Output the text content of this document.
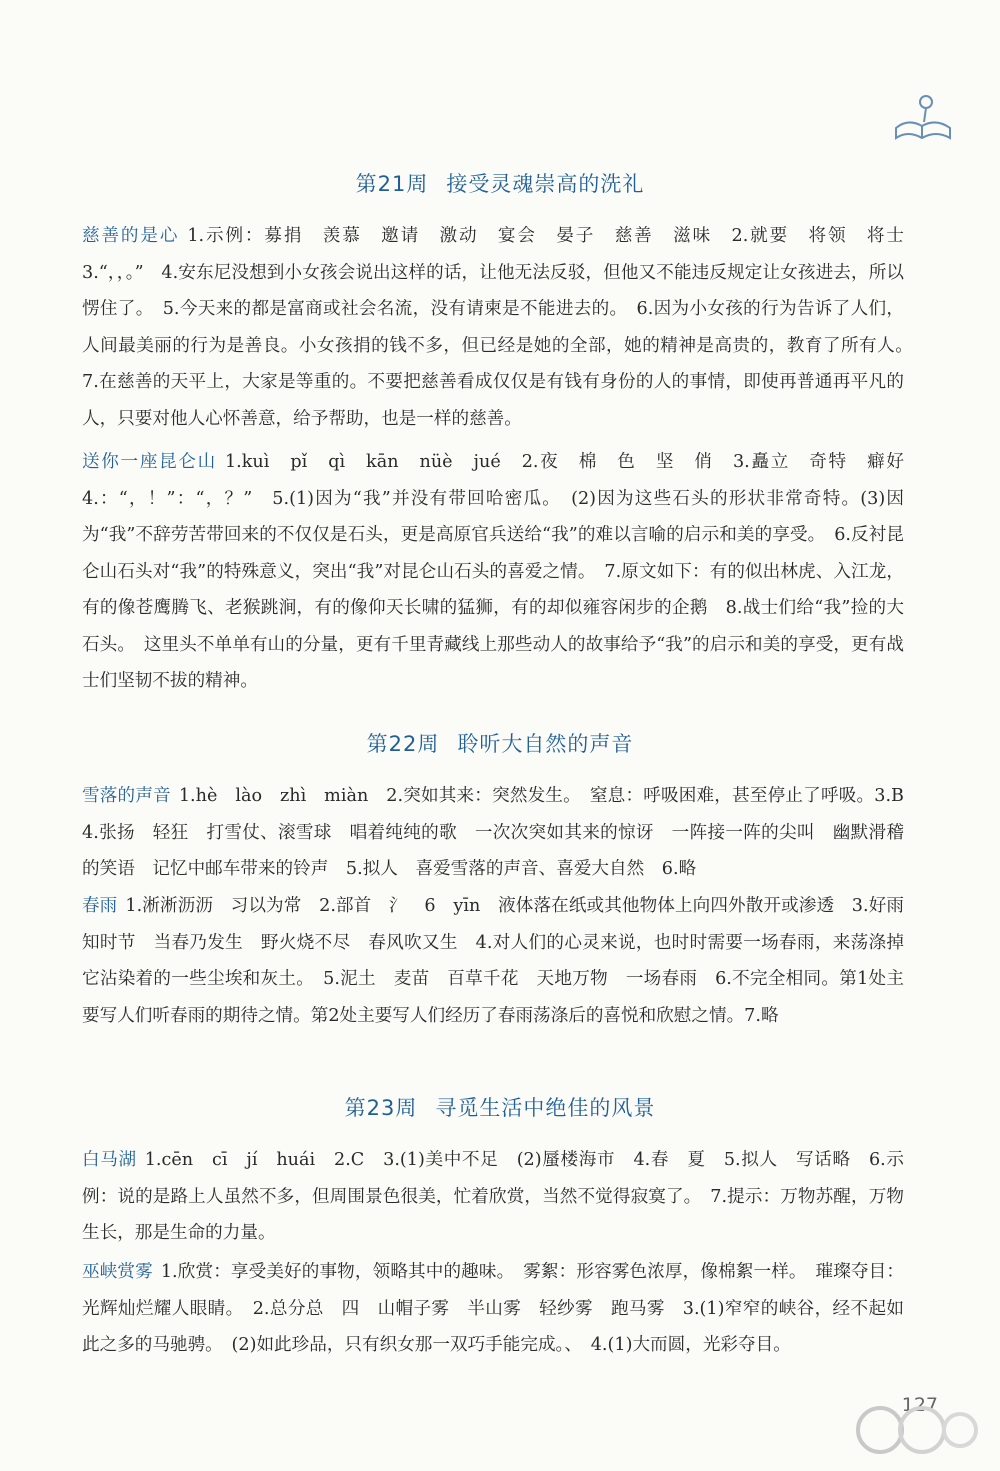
第21周 接受灵魂崇高的洗礼
慈善的是心 1.示例：募捐　羡慕　邀请　激动　宴会　晏子　慈善　滋味　2.就要　将领　将士　3.“，，。”　4.安东尼没想到小女孩会说出这样的话，让他无法反驳，但他又不能违反规定让女孩进去，所以愣住了。　5.今天来的都是富商或社会名流，没有请柬是不能进去的。　6.因为小女孩的行为告诉了人们，人间最美丽的行为是善良。小女孩捐的钱不多，但已经是她的全部，她的精神是高贵的，教育了所有人。　7.在慈善的天平上，大家是等重的。不要把慈善看成仅仅是有钱有身份的人的事情，即使再普通再平凡的人，只要对他人心怀善意，给予帮助，也是一样的慈善。
送你一座昆仑山 1.kuì　pǐ　qì　kān　nüè　jué　2.夜　棉　色　坚　俏　3.矗立　奇特　癖好　4.：“，！”：“，？”　5.(1)因为“我”并没有带回哈密瓜。　(2)因为这些石头的形状非常奇特。(3)因为“我”不辞劳苦带回来的不仅仅是石头，更是高原官兵送给“我”的难以言喻的启示和美的享受。　6.反衬昆仑山石头对“我”的特殊意义，突出“我”对昆仑山石头的喜爱之情。　7.原文如下：有的似出林虎、入江龙，有的像苍鹰腾飞、老猴跳涧，有的像仰天长啸的猛狮，有的却似雍容闲步的企鹅　8.战士们给“我”捡的大石头。　这里头不单单有山的分量，更有千里青藏线上那些动人的故事给予“我”的启示和美的享受，更有战士们坚韧不拔的精神。
第22周 聆听大自然的声音
雪落的声音 1.hè　lào　zhì　miàn　2.突如其来：突然发生。　窒息：呼吸困难，甚至停止了呼吸。3.B　4.张扬　轻狂　打雪仗、滚雪球　唱着纯纯的歌　一次次突如其来的惊讶　一阵接一阵的尖叫　幽默滑稽的笑语　记忆中邮车带来的铃声　5.拟人　喜爱雪落的声音、喜爱大自然　6.略
春雨 1.淅淅沥沥　习以为常　2.部首　氵　6　yīn　液体落在纸或其他物体上向四外散开或渗透　3.好雨知时节　当春乃发生　野火烧不尽　春风吹又生　4.对人们的心灵来说，也时时需要一场春雨，来荡涤掉它沾染着的一些尘埃和灰土。　5.泥土　麦苗　百草千花　天地万物　一场春雨　6.不完全相同。第1处主要写人们听春雨的期待之情。第2处主要写人们经历了春雨荡涤后的喜悦和欣慰之情。7.略
第23周 寻觅生活中绝佳的风景
白马湖 1.cēn　cī　jí　huái　2.C　3.(1)美中不足　(2)蜃楼海市　4.春　夏　5.拟人　写话略　6.示例：说的是路上人虽然不多，但周围景色很美，忙着欣赏，当然不觉得寂寞了。　7.提示：万物苏醒，万物生长，那是生命的力量。
巫峡赏雾 1.欣赏：享受美好的事物，领略其中的趣味。　雾絮：形容雾色浓厚，像棉絮一样。　璀璨夺目：光辉灿烂耀人眼睛。　2.总分总　四　山帽子雾　半山雾　轻纱雾　跑马雾　3.(1)窄窄的峡谷，经不起如此之多的马驰骋。　(2)如此珍品，只有织女那一双巧手能完成。、　4.(1)大而圆，光彩夺目。
127
